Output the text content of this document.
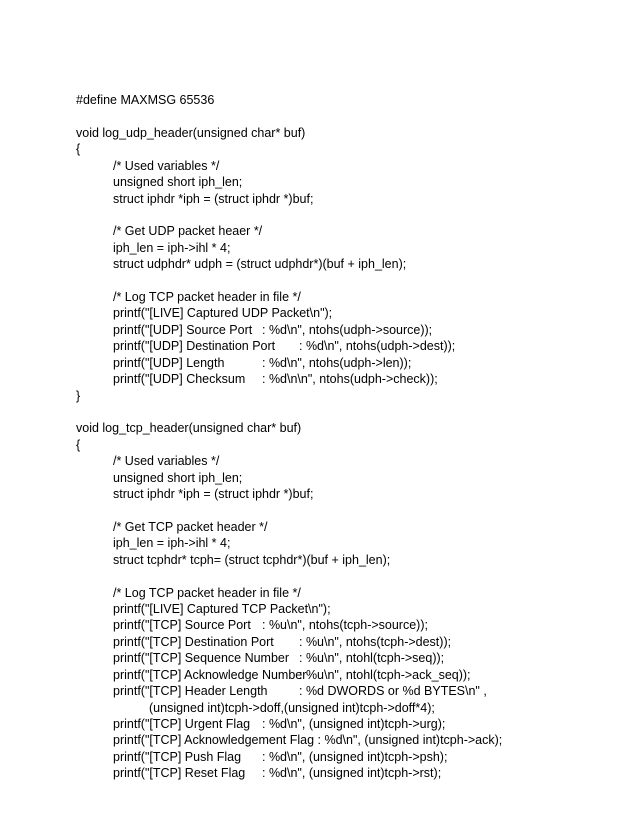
#define MAXMSG 65536
void log_udp_header(unsigned char* buf)
{
/* Used variables */
unsigned short iph_len;
struct iphdr *iph = (struct iphdr *)buf;
/* Get UDP packet heaer */
iph_len = iph->ihl * 4;
struct udphdr* udph = (struct udphdr*)(buf + iph_len);
/* Log TCP packet header in file */
printf("[LIVE] Captured UDP Packet\n");
printf("[UDP] Source Port : %d\n", ntohs(udph->source));
printf("[UDP] Destination Port : %d\n", ntohs(udph->dest));
printf("[UDP] Length	: %d\n", ntohs(udph->len));
printf("[UDP] Checksum : %d\n\n", ntohs(udph->check));
}
void log_tcp_header(unsigned char* buf)
{
/* Used variables */
unsigned short iph_len;
struct iphdr *iph = (struct iphdr *)buf;
/* Get TCP packet header */
iph_len = iph->ihl * 4;
struct tcphdr* tcph= (struct tcphdr*)(buf + iph_len);
/* Log TCP packet header in file */
printf("[LIVE] Captured TCP Packet\n");
printf("[TCP] Source Port : %u\n", ntohs(tcph->source));
printf("[TCP] Destination Port : %u\n", ntohs(tcph->dest));
printf("[TCP] Sequence Number : %u\n", ntohl(tcph->seq));
printf("[TCP] Acknowledge Number
: %u\n", ntohl(tcph->ack_seq));
printf("[TCP] Header Length	: %d DWORDS or %d BYTES\n" ,
(unsigned int)tcph->doff,(unsigned int)tcph->doff*4);
printf("[TCP] Urgent Flag : %d\n", (unsigned int)tcph->urg);
printf("[TCP] Acknowledgement Flag : %d\n", (unsigned int)tcph->ack);
printf("[TCP] Push Flag : %d\n", (unsigned int)tcph->psh);
printf("[TCP] Reset Flag : %d\n", (unsigned int)tcph->rst);
